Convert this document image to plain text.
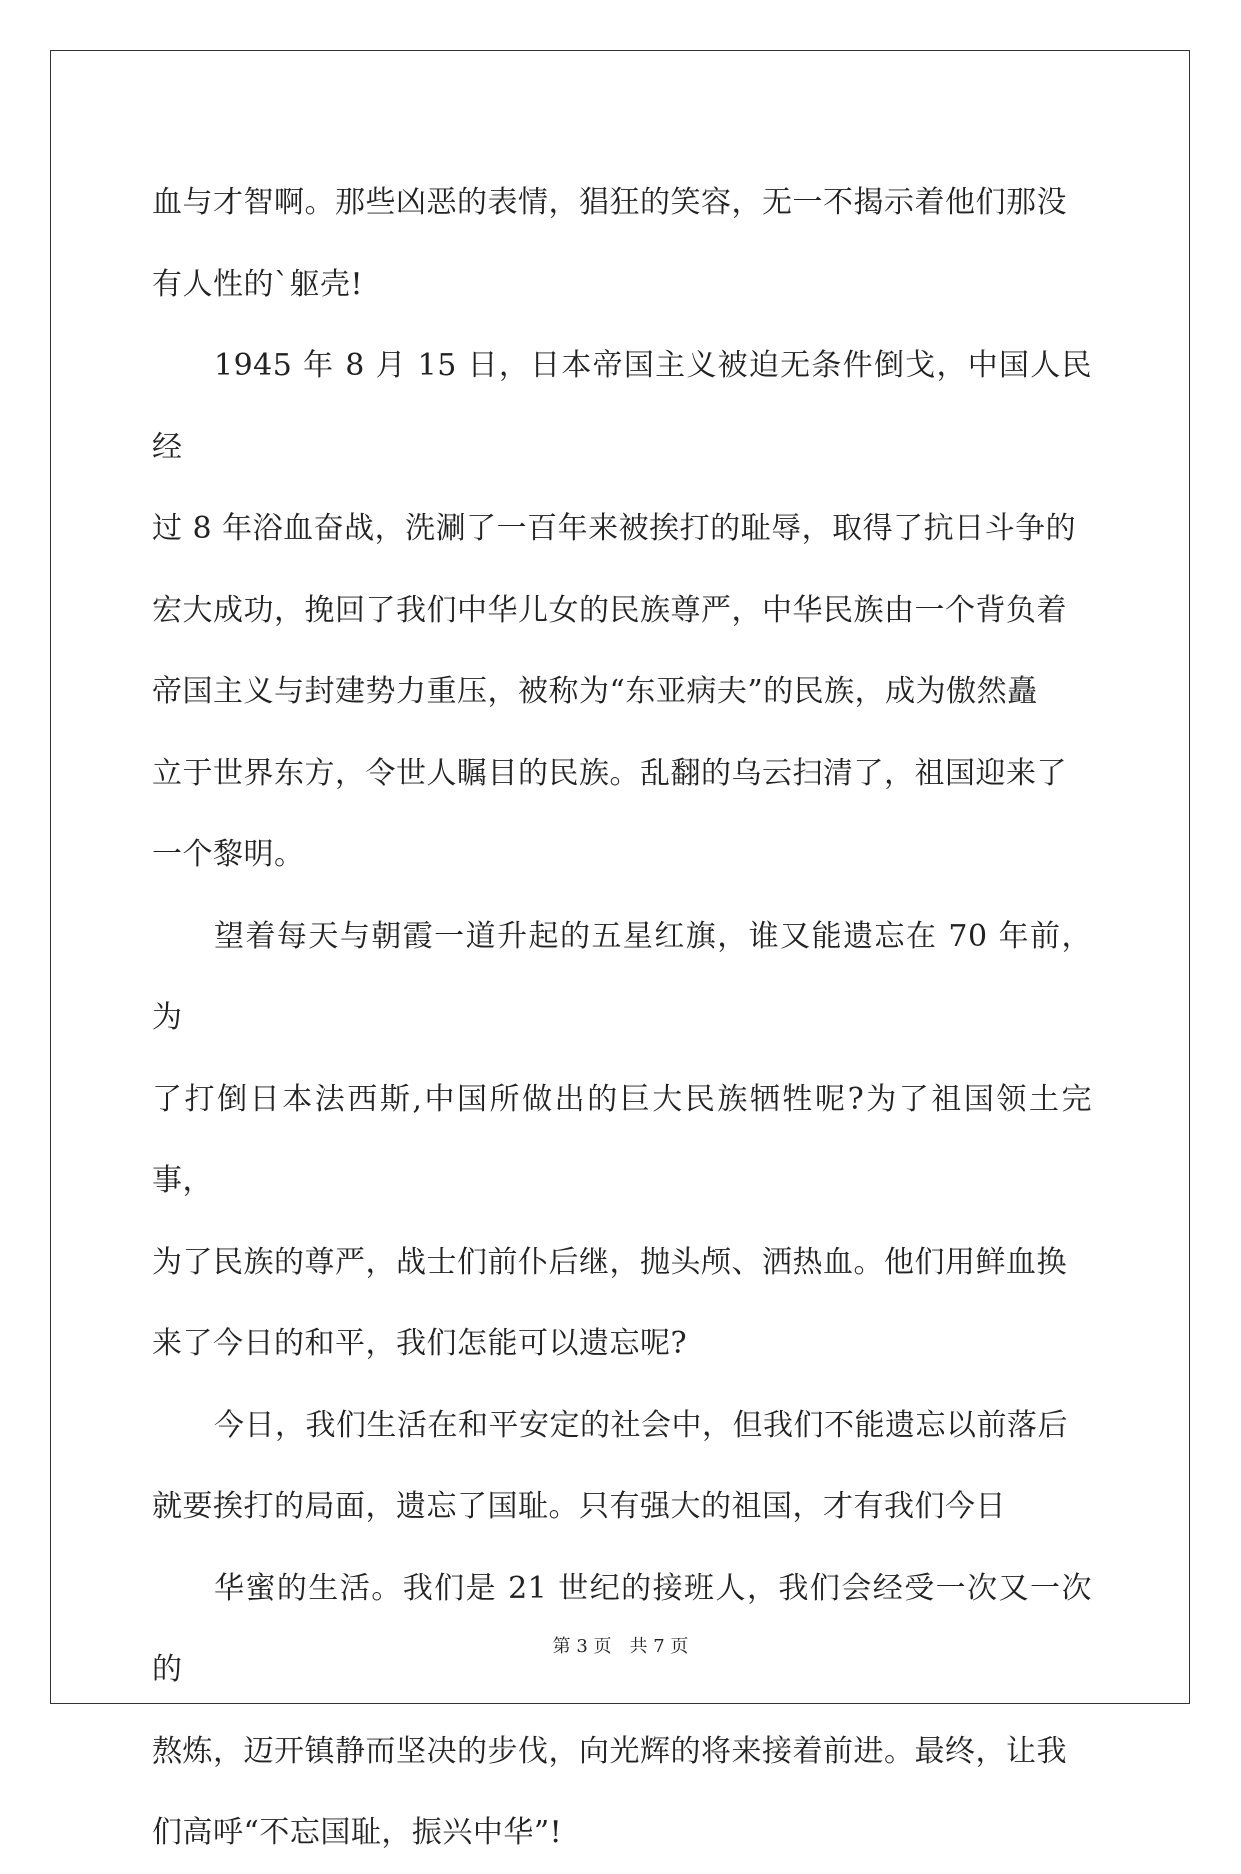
血与才智啊。那些凶恶的表情，猖狂的笑容，无一不揭示着他们那没
有人性的`躯壳!

1945 年 8 月 15 日，日本帝国主义被迫无条件倒戈，中国人民经
过 8 年浴血奋战，洗涮了一百年来被挨打的耻辱，取得了抗日斗争的
宏大成功，挽回了我们中华儿女的民族尊严，中华民族由一个背负着
帝国主义与封建势力重压，被称为“东亚病夫”的民族，成为傲然矗
立于世界东方，令世人瞩目的民族。乱翻的乌云扫清了，祖国迎来了
一个黎明。

望着每天与朝霞一道升起的五星红旗，谁又能遗忘在 70 年前，为
了打倒日本法西斯,中国所做出的巨大民族牺牲呢?为了祖国领土完事，
为了民族的尊严，战士们前仆后继，抛头颅、洒热血。他们用鲜血换
来了今日的和平，我们怎能可以遗忘呢?

今日，我们生活在和平安定的社会中，但我们不能遗忘以前落后
就要挨打的局面，遗忘了国耻。只有强大的祖国，才有我们今日

华蜜的生活。我们是 21 世纪的接班人，我们会经受一次又一次的
熬炼，迈开镇静而坚决的步伐，向光辉的将来接着前进。最终，让我
们高呼“不忘国耻，振兴中华”!

第 3 页　共 7 页
